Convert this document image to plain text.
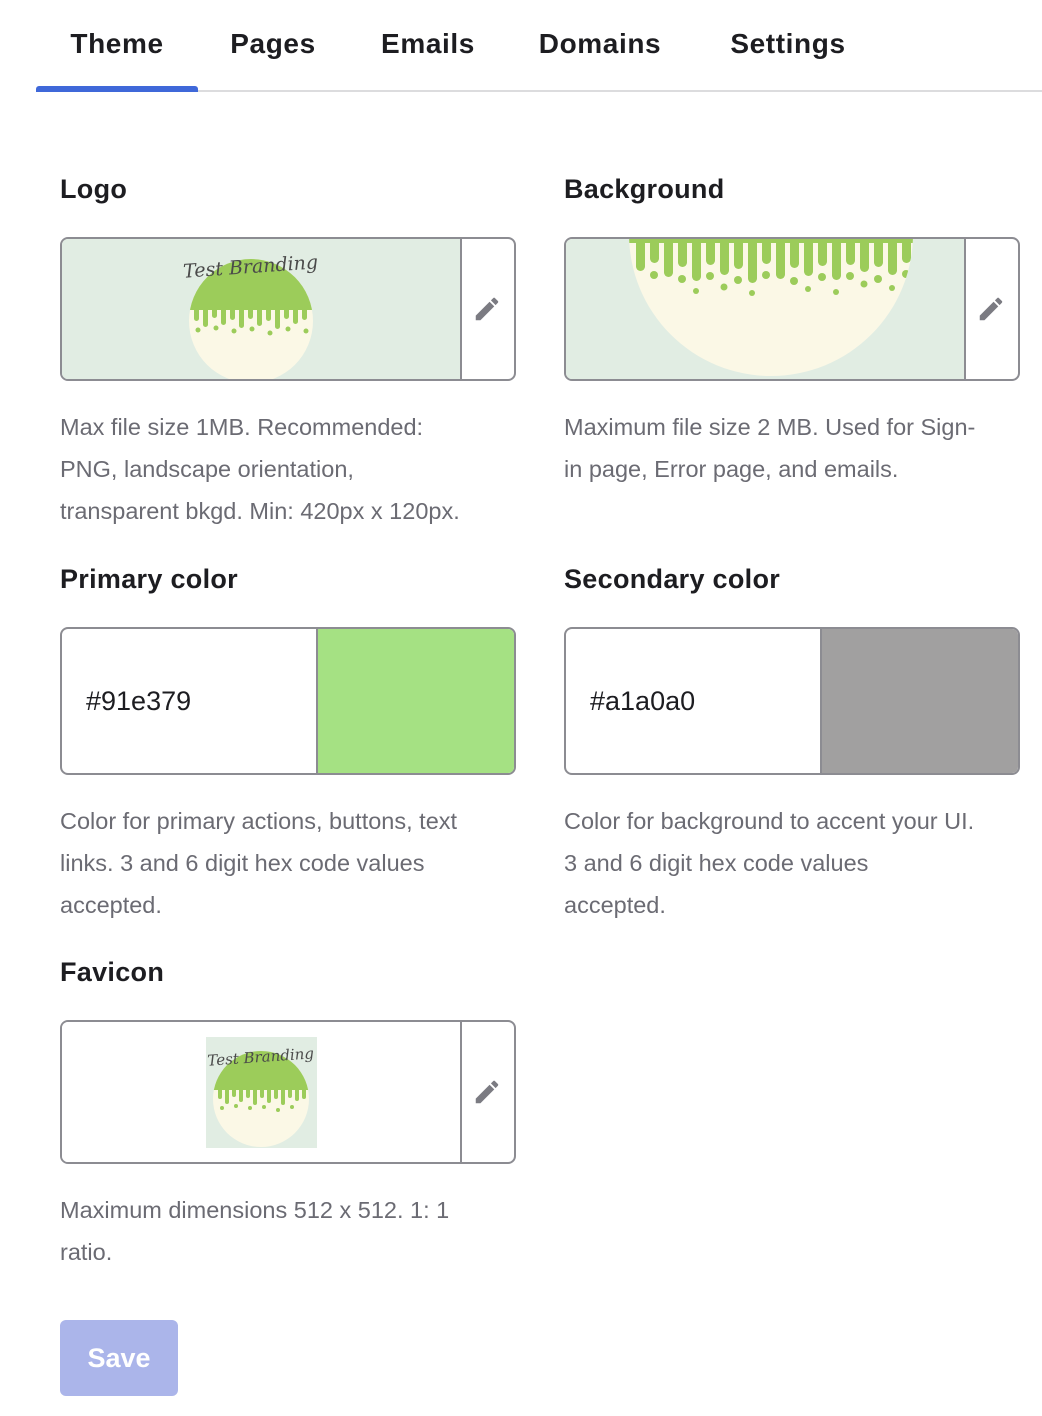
Theme	Pages	Emails	Domains	Settings
Logo
Test Branding
Max file size 1MB. Recommended:
PNG, landscape orientation,
transparent bkgd. Min: 420px x 120px.
Background
Maximum file size 2 MB. Used for Sign-
in page, Error page, and emails.
Primary color
#91e379
Color for primary actions, buttons, text
links. 3 and 6 digit hex code values
accepted.
Secondary color
#a1a0a0
Color for background to accent your UI.
3 and 6 digit hex code values
accepted.
Favicon
Test Branding
Maximum dimensions 512 x 512. 1: 1
ratio.
Save
